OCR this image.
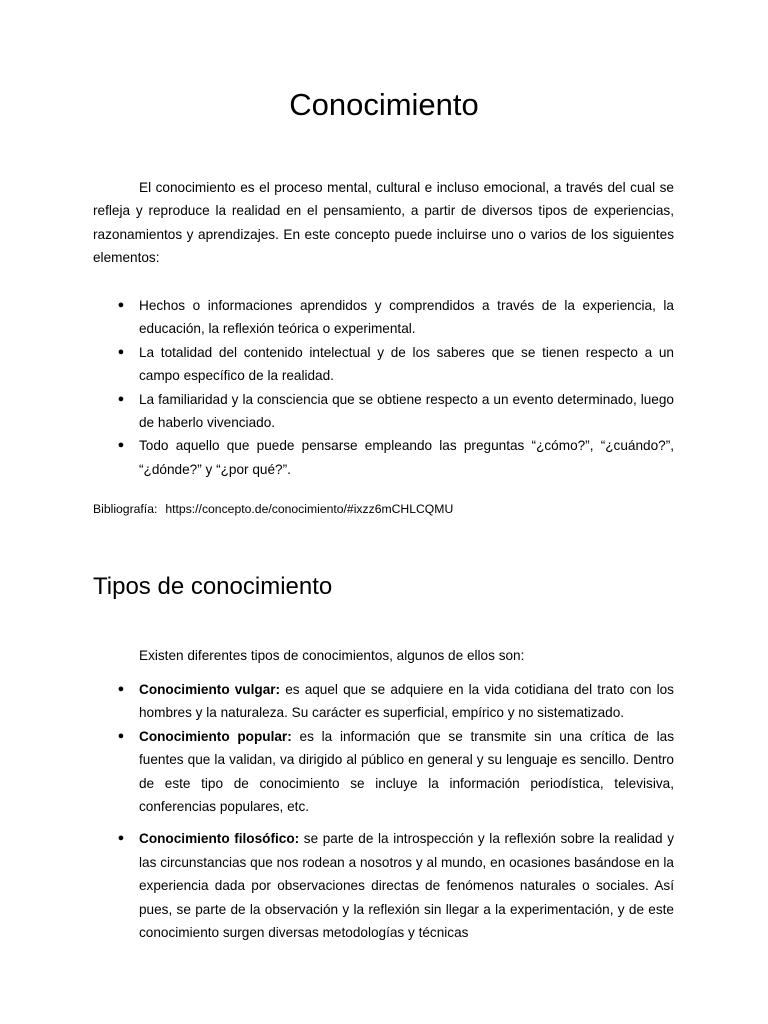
Conocimiento

El conocimiento es el proceso mental, cultural e incluso emocional, a través del cual se refleja y reproduce la realidad en el pensamiento, a partir de diversos tipos de experiencias, razonamientos y aprendizajes. En este concepto puede incluirse uno o varios de los siguientes elementos:

● Hechos o informaciones aprendidos y comprendidos a través de la experiencia, la educación, la reflexión teórica o experimental.
● La totalidad del contenido intelectual y de los saberes que se tienen respecto a un campo específico de la realidad.
● La familiaridad y la consciencia que se obtiene respecto a un evento determinado, luego de haberlo vivenciado.
● Todo aquello que puede pensarse empleando las preguntas “¿cómo?”, “¿cuándo?”, “¿dónde?” y “¿por qué?”.

Bibliografía: https://concepto.de/conocimiento/#ixzz6mCHLCQMU

Tipos de conocimiento

Existen diferentes tipos de conocimientos, algunos de ellos son:

● Conocimiento vulgar: es aquel que se adquiere en la vida cotidiana del trato con los hombres y la naturaleza. Su carácter es superficial, empírico y no sistematizado.
● Conocimiento popular: es la información que se transmite sin una crítica de las fuentes que la validan, va dirigido al público en general y su lenguaje es sencillo. Dentro de este tipo de conocimiento se incluye la información periodística, televisiva, conferencias populares, etc.
● Conocimiento filosófico: se parte de la introspección y la reflexión sobre la realidad y las circunstancias que nos rodean a nosotros y al mundo, en ocasiones basándose en la experiencia dada por observaciones directas de fenómenos naturales o sociales. Así pues, se parte de la observación y la reflexión sin llegar a la experimentación, y de este conocimiento surgen diversas metodologías y técnicas
